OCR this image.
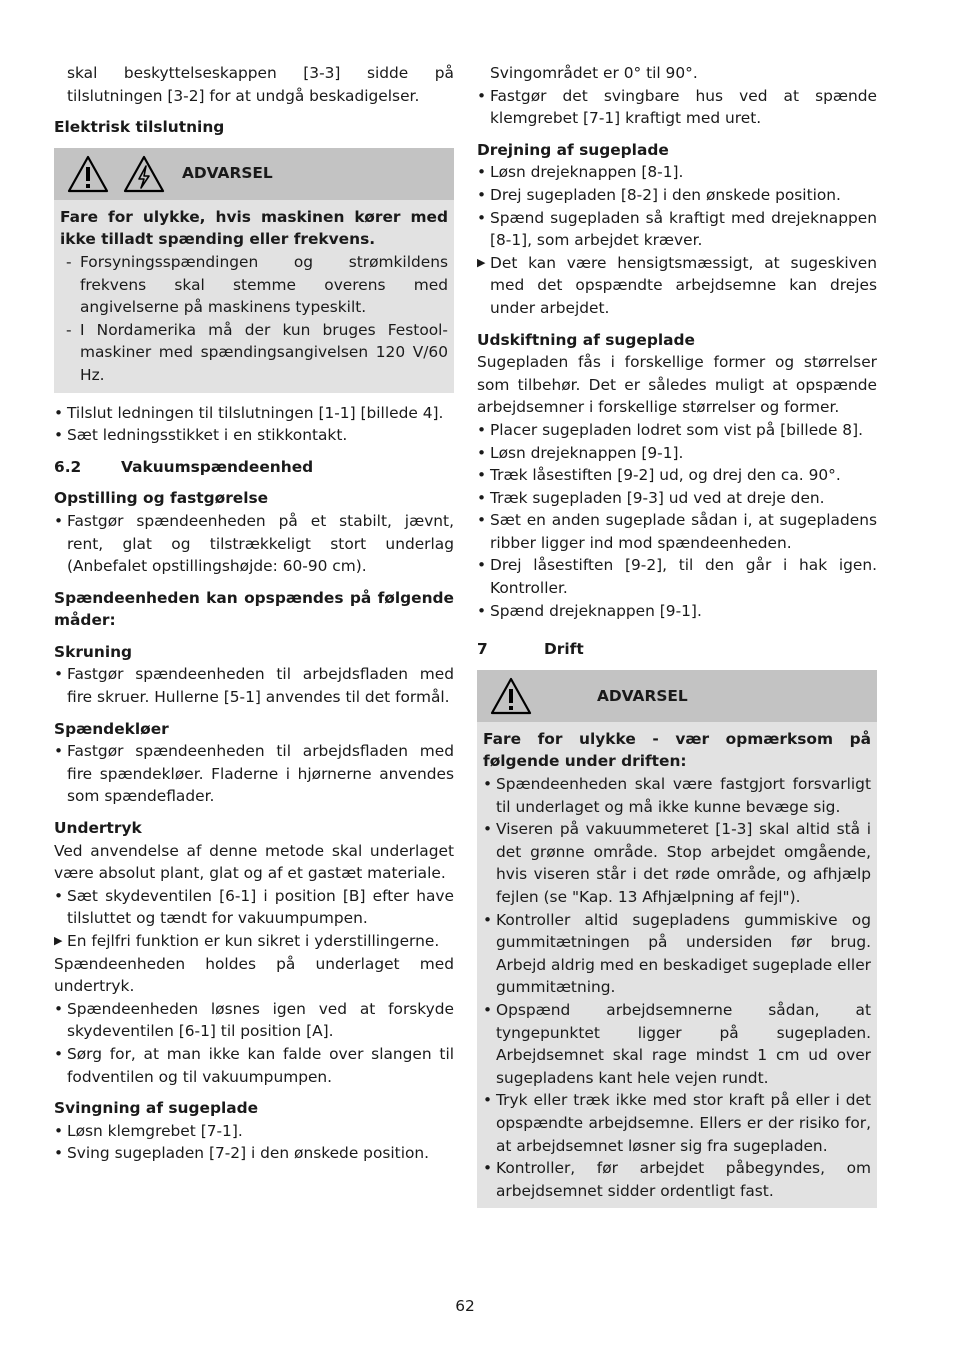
skal beskyttelseskappen [3-3] sidde på tilslutningen [3-2] for at undgå beskadigelser.

Elektrisk tilslutning

ADVARSEL

Fare for ulykke, hvis maskinen kører med ikke tilladt spænding eller frekvens.

- Forsyningsspændingen og strømkildens frekvens skal stemme overens med angivelserne på maskinens typeskilt.

- I Nordamerika må der kun bruges Festool-maskiner med spændingsangivelsen 120 V/60 Hz.

• Tilslut ledningen til tilslutningen [1-1] [billede 4].

• Sæt ledningsstikket i en stikkontakt.

6.2	Vakuumspændeenhed

Opstilling og fastgørelse

• Fastgør spændeenheden på et stabilt, jævnt, rent, glat og tilstrækkeligt stort underlag (Anbefalet opstillingshøjde: 60-90 cm).

Spændeenheden kan opspændes på følgende måder:

Skruning

• Fastgør spændeenheden til arbejdsfladen med fire skruer. Hullerne [5-1] anvendes til det formål.

Spændekløer

• Fastgør spændeenheden til arbejdsfladen med fire spændekløer. Fladerne i hjørnerne anvendes som spændeflader.

Undertryk

Ved anvendelse af denne metode skal underlaget være absolut plant, glat og af et gastæt materiale.

• Sæt skydeventilen [6-1] i position [B] efter have tilsluttet og tændt for vakuumpumpen.

▶ En fejlfri funktion er kun sikret i yderstillingerne.

Spændeenheden holdes på underlaget med undertryk.

• Spændeenheden løsnes igen ved at forskyde skydeventilen [6-1] til position [A].

• Sørg for, at man ikke kan falde over slangen til fodventilen og til vakuumpumpen.

Svingning af sugeplade

• Løsn klemgrebet [7-1].

• Sving sugepladen [7-2] i den ønskede position.

Svingområdet er 0° til 90°.

• Fastgør det svingbare hus ved at spænde klemgrebet [7-1] kraftigt med uret.

Drejning af sugeplade

• Løsn drejeknappen [8-1].

• Drej sugepladen [8-2] i den ønskede position.

• Spænd sugepladen så kraftigt med drejeknappen [8-1], som arbejdet kræver.

▶ Det kan være hensigtsmæssigt, at sugeskiven med det opspændte arbejdsemne kan drejes under arbejdet.

Udskiftning af sugeplade

Sugepladen fås i forskellige former og størrelser som tilbehør. Det er således muligt at opspænde arbejdsemner i forskellige størrelser og former.

• Placer sugepladen lodret som vist på [billede 8].

• Løsn drejeknappen [9-1].

• Træk låsestiften [9-2] ud, og drej den ca. 90°.

• Træk sugepladen [9-3] ud ved at dreje den.

• Sæt en anden sugeplade sådan i, at sugepladens ribber ligger ind mod spændeenheden.

• Drej låsestiften [9-2], til den går i hak igen. Kontroller.

• Spænd drejeknappen [9-1].

7	Drift

ADVARSEL

Fare for ulykke - vær opmærksom på følgende under driften:

• Spændeenheden skal være fastgjort forsvarligt til underlaget og må ikke kunne bevæge sig.

• Viseren på vakuummeteret [1-3] skal altid stå i det grønne område. Stop arbejdet omgående, hvis viseren står i det røde område, og afhjælp fejlen (se "Kap. 13 Afhjælpning af fejl").

• Kontroller altid sugepladens gummiskive og gummitætningen på undersiden før brug. Arbejd aldrig med en beskadiget sugeplade eller gummitætning.

• Opspænd arbejdsemnerne sådan, at tyngepunktet ligger på sugepladen. Arbejdsemnet skal rage mindst 1 cm ud over sugepladens kant hele vejen rundt.

• Tryk eller træk ikke med stor kraft på eller i det opspændte arbejdsemne. Ellers er der risiko for, at arbejdsemnet løsner sig fra sugepladen.

• Kontroller, før arbejdet påbegyndes, om arbejdsemnet sidder ordentligt fast.

62
